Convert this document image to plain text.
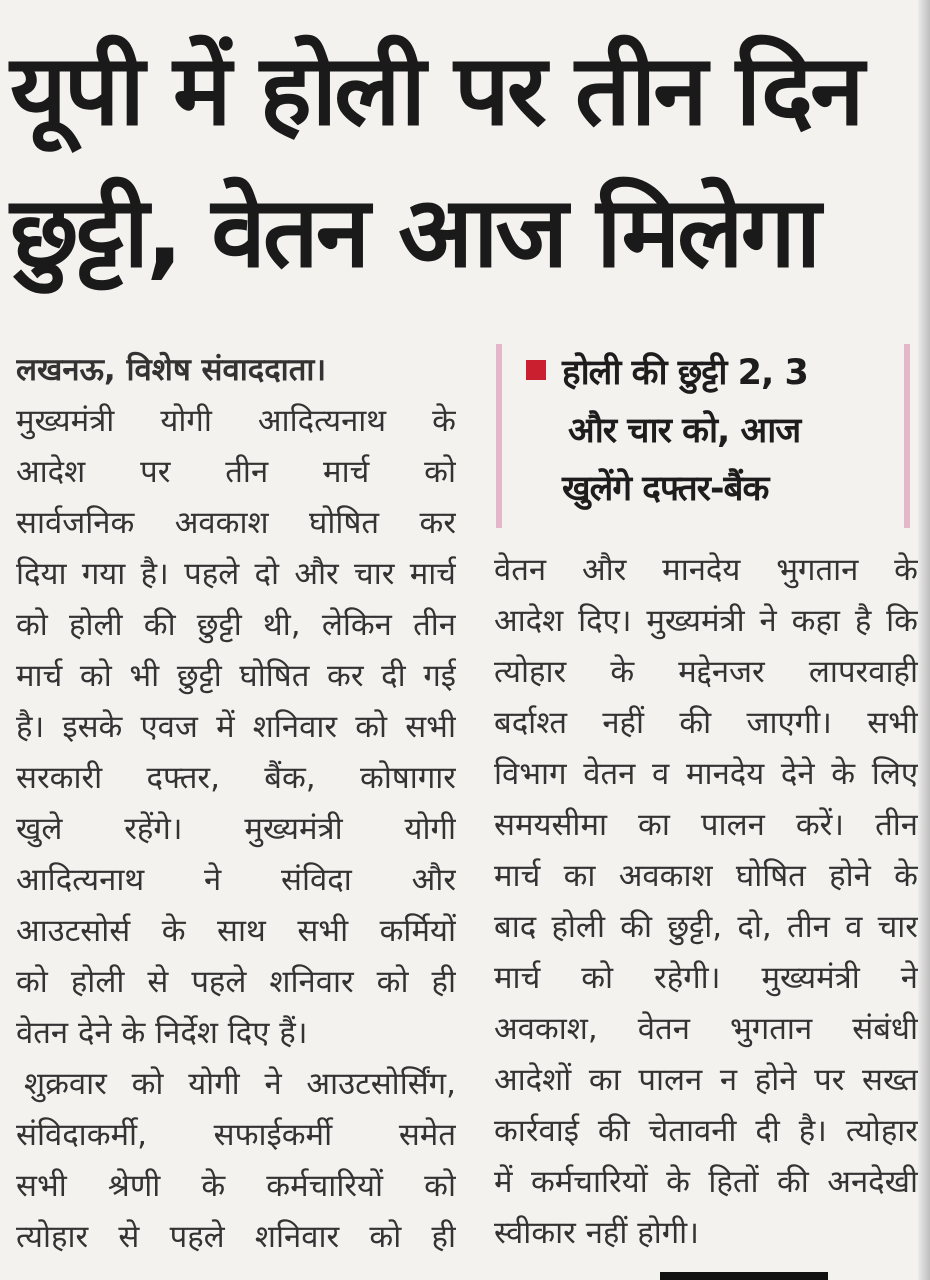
यूपी में होली पर तीन दिन
छुट्टी, वेतन आज मिलेगा
लखनऊ, विशेष संवाददाता।
मुख्यमंत्री योगी आदित्यनाथ के
आदेश पर तीन मार्च को
सार्वजनिक अवकाश घोषित कर
दिया गया है। पहले दो और चार मार्च
को होली की छुट्टी थी, लेकिन तीन
मार्च को भी छुट्टी घोषित कर दी गई
है। इसके एवज में शनिवार को सभी
सरकारी दफ्तर, बैंक, कोषागार
खुले रहेंगे। मुख्यमंत्री योगी
आदित्यनाथ ने संविदा और
आउटसोर्स के साथ सभी कर्मियों
को होली से पहले शनिवार को ही
वेतन देने के निर्देश दिए हैं।
शुक्रवार को योगी ने आउटसोर्सिंग,
संविदाकर्मी, सफाईकर्मी समेत
सभी श्रेणी के कर्मचारियों को
त्योहार से पहले शनिवार को ही
होली की छुट्टी 2, 3
और चार को, आज
खुलेंगे दफ्तर-बैंक
वेतन और मानदेय भुगतान के
आदेश दिए। मुख्यमंत्री ने कहा है कि
त्योहार के मद्देनजर लापरवाही
बर्दाश्त नहीं की जाएगी। सभी
विभाग वेतन व मानदेय देने के लिए
समयसीमा का पालन करें। तीन
मार्च का अवकाश घोषित होने के
बाद होली की छुट्टी, दो, तीन व चार
मार्च को रहेगी। मुख्यमंत्री ने
अवकाश, वेतन भुगतान संबंधी
आदेशों का पालन न होने पर सख्त
कार्रवाई की चेतावनी दी है। त्योहार
में कर्मचारियों के हितों की अनदेखी
स्वीकार नहीं होगी।
